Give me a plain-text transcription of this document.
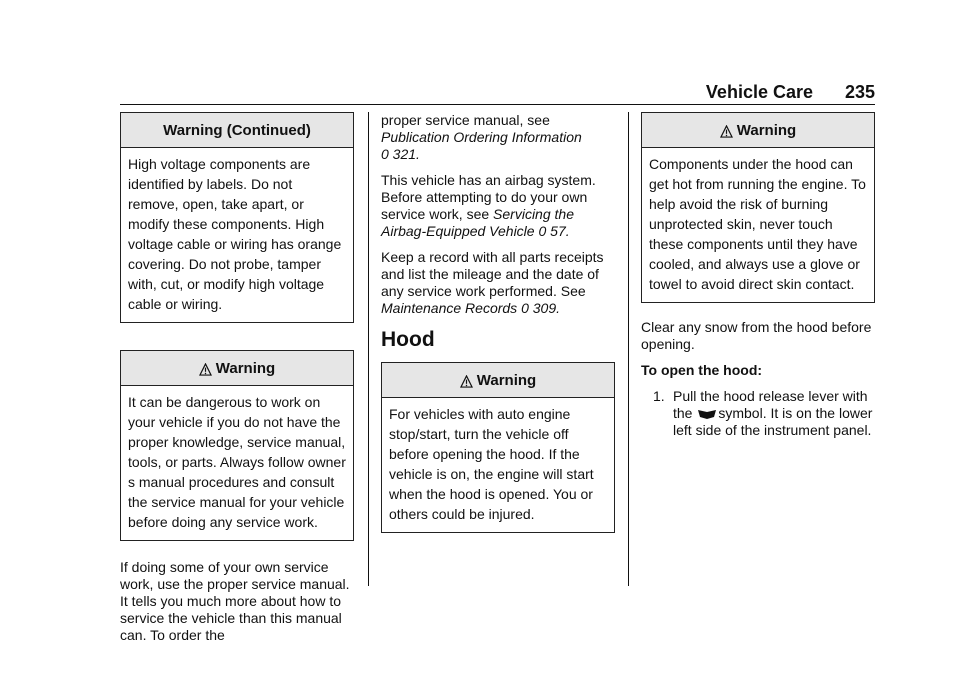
Vehicle Care 235
Warning (Continued)
High voltage components are identified by labels. Do not remove, open, take apart, or modify these components. High voltage cable or wiring has orange covering. Do not probe, tamper with, cut, or modify high voltage cable or wiring.
Warning
It can be dangerous to work on your vehicle if you do not have the proper knowledge, service manual, tools, or parts. Always follow owner s manual procedures and consult the service manual for your vehicle before doing any service work.

If doing some of your own service work, use the proper service manual. It tells you much more about how to service the vehicle than this manual can. To order the

proper service manual, see
Publication Ordering Information
0 321.

This vehicle has an airbag system. Before attempting to do your own service work, see Servicing the Airbag-Equipped Vehicle 0 57.

Keep a record with all parts receipts and list the mileage and the date of any service work performed. See Maintenance Records 0 309.

Hood
Warning
For vehicles with auto engine stop/start, turn the vehicle off before opening the hood. If the vehicle is on, the engine will start when the hood is opened. You or others could be injured.
Warning
Components under the hood can get hot from running the engine. To help avoid the risk of burning unprotected skin, never touch these components until they have cooled, and always use a glove or towel to avoid direct skin contact.

Clear any snow from the hood before opening.

To open the hood:

1. Pull the hood release lever with the symbol. It is on the lower left side of the instrument panel.
